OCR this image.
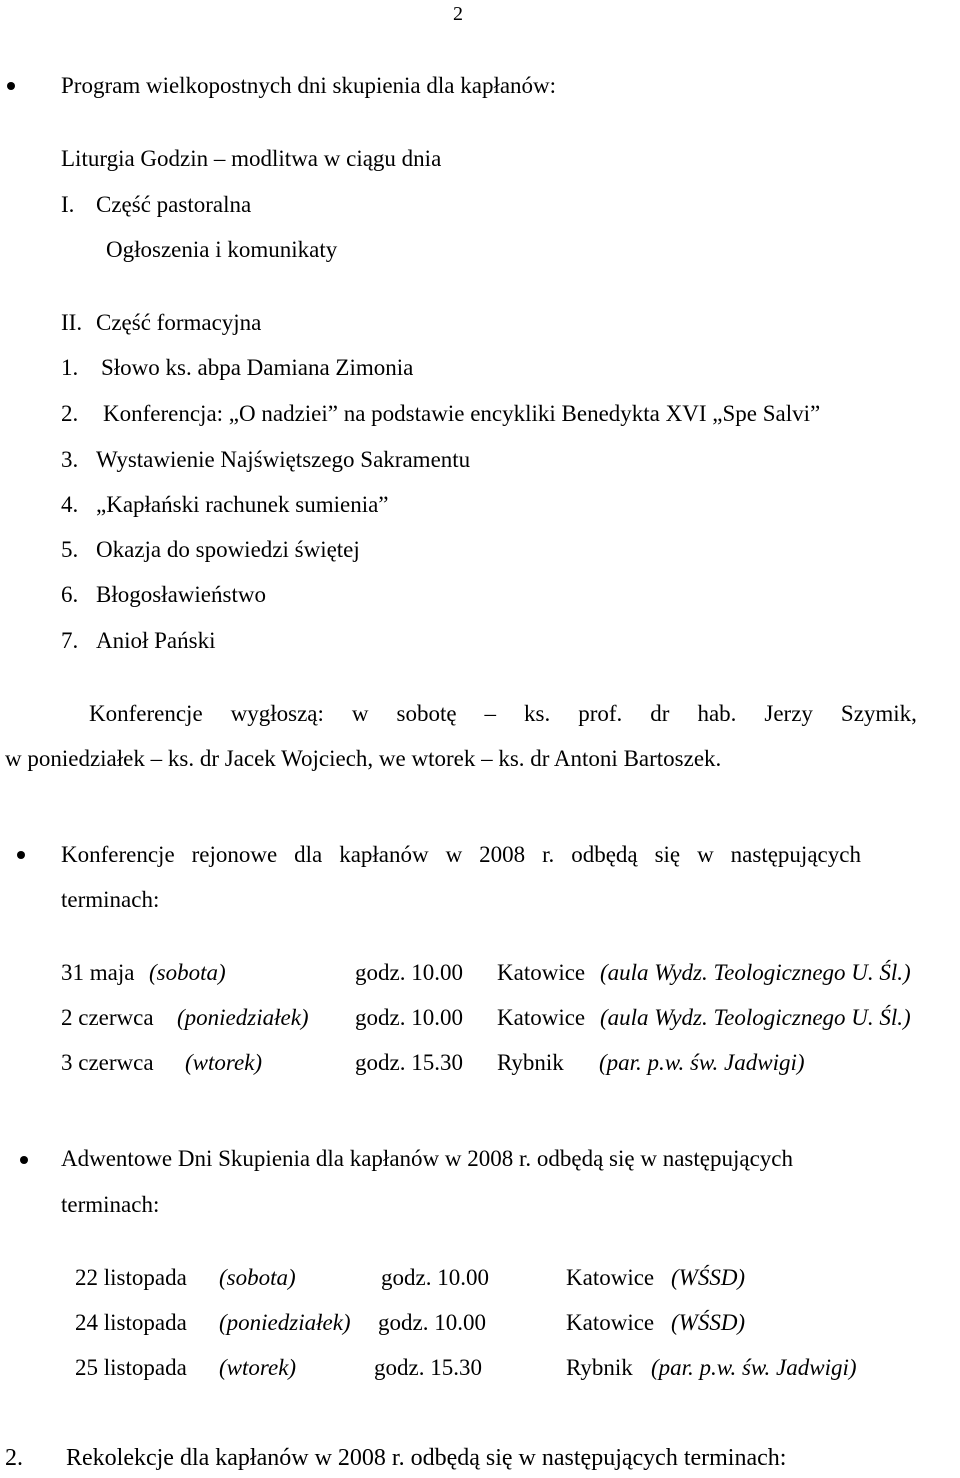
2
Program wielkopostnych dni skupienia dla kapłanów:
Liturgia Godzin – modlitwa w ciągu dnia
I. Część pastoralna
Ogłoszenia i komunikaty
II. Część formacyjna
1. Słowo ks. abpa Damiana Zimonia
2. Konferencja: „O nadziei” na podstawie encykliki Benedykta XVI „Spe Salvi”
3. Wystawienie Najświętszego Sakramentu
4. „Kapłański rachunek sumienia”
5. Okazja do spowiedzi świętej
6. Błogosławieństwo
7. Anioł Pański
Konferencje wygłoszą: w sobotę – ks. prof. dr hab. Jerzy Szymik,
w poniedziałek – ks. dr Jacek Wojciech, we wtorek – ks. dr Antoni Bartoszek.
Konferencje rejonowe dla kapłanów w 2008 r. odbędą się w następujących
terminach:
31 maja (sobota)	godz. 10.00 Katowice (aula Wydz. Teologicznego U. Śl.)
2 czerwca (poniedziałek) godz. 10.00 Katowice (aula Wydz. Teologicznego U. Śl.)
3 czerwca (wtorek)	godz. 15.30 Rybnik (par. p.w. św. Jadwigi)
Adwentowe Dni Skupienia dla kapłanów w 2008 r. odbędą się w następujących
terminach:
22 listopada (sobota)	godz. 10.00	Katowice (WŚSD)
24 listopada (poniedziałek) godz. 10.00	Katowice (WŚSD)
25 listopada (wtorek)	godz. 15.30	Rybnik (par. p.w. św. Jadwigi)
2. Rekolekcje dla kapłanów w 2008 r. odbędą się w następujących terminach:
